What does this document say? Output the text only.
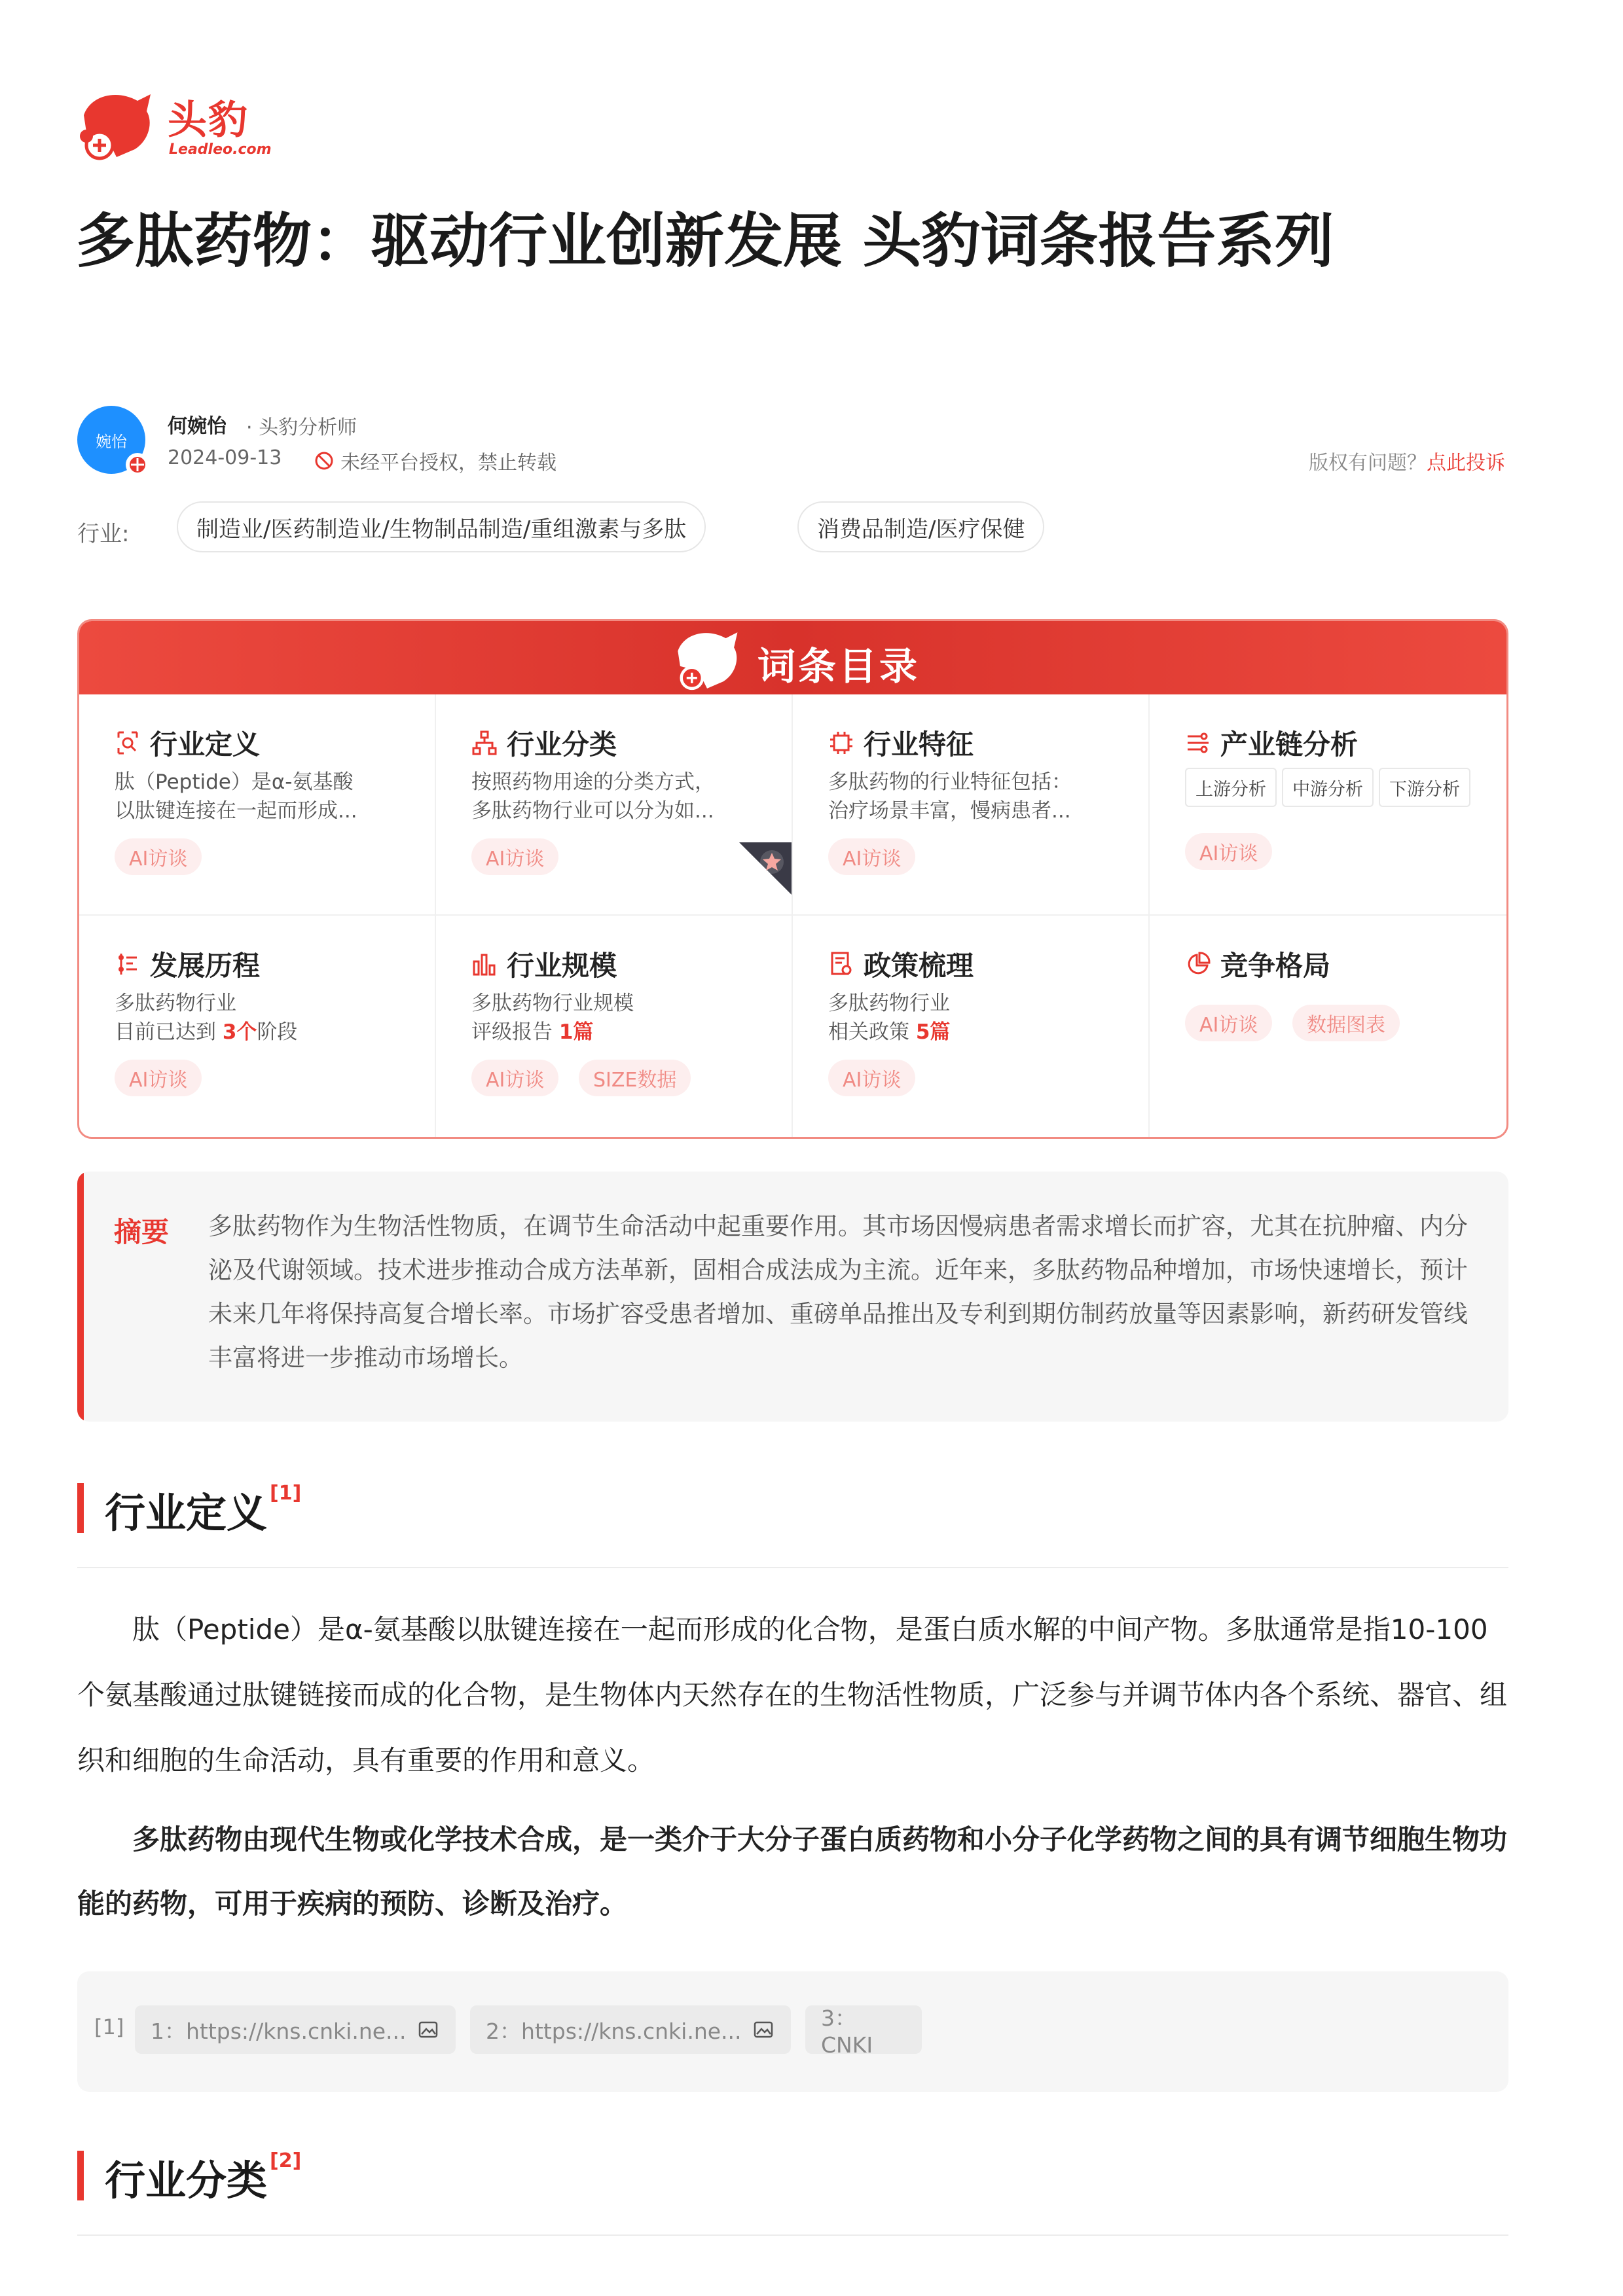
头豹
Leadleo.com
多肽药物：驱动行业创新发展 头豹词条报告系列
婉怡
何婉怡 · 头豹分析师
2024-09-13	未经平台授权，禁止转载	版权有问题？点此投诉
行业:	制造业/医药制造业/生物制品制造/重组激素与多肽	消费品制造/医疗保健
词条目录
行业定义
肽（Peptide）是α-氨基酸
以肽键连接在一起而形成...
AI访谈
行业分类
按照药物用途的分类方式，
多肽药物行业可以分为如...
AI访谈
行业特征
多肽药物的行业特征包括：
治疗场景丰富，慢病患者...
AI访谈
产业链分析
上游分析	中游分析	下游分析
AI访谈
发展历程
多肽药物行业
目前已达到 3个阶段
AI访谈
行业规模
多肽药物行业规模
评级报告 1篇
AI访谈	SIZE数据
政策梳理
多肽药物行业
相关政策 5篇
AI访谈
竞争格局
AI访谈	数据图表
摘要 多肽药物作为生物活性物质，在调节生命活动中起重要作用。其市场因慢病患者需求增长而扩容，尤其在抗肿瘤、内分泌及代谢领域。技术进步推动合成方法革新，固相合成法成为主流。近年来，多肽药物品种增加，市场快速增长，预计未来几年将保持高复合增长率。市场扩容受患者增加、重磅单品推出及专利到期仿制药放量等因素影响，新药研发管线丰富将进一步推动市场增长。

行业定义 [1]

肽（Peptide）是α-氨基酸以肽键连接在一起而形成的化合物，是蛋白质水解的中间产物。多肽通常是指10-100个氨基酸通过肽键链接而成的化合物，是生物体内天然存在的生物活性物质，广泛参与并调节体内各个系统、器官、组织和细胞的生命活动，具有重要的作用和意义。

多肽药物由现代生物或化学技术合成，是一类介于大分子蛋白质药物和小分子化学药物之间的具有调节细胞生物功能的药物，可用于疾病的预防、诊断及治疗。

[1] 1：https://kns.cnki.ne...	2：https://kns.cnki.ne...	3：CNKI
行业分类 [2]
